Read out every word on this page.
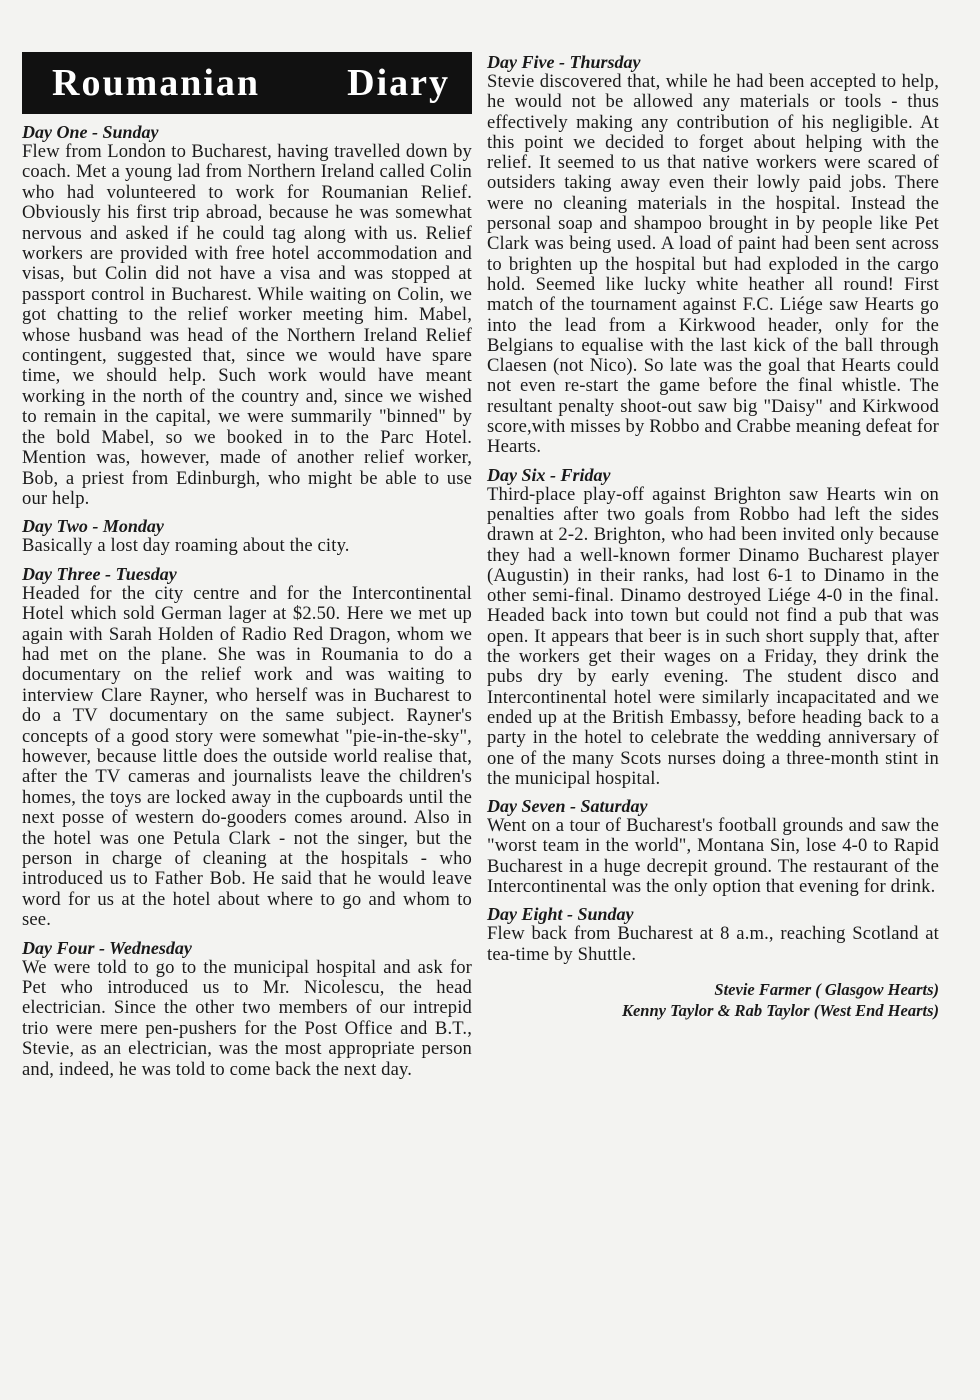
Roumanian Diary
Day One - Sunday

Flew from London to Bucharest, having travelled down by coach. Met a young lad from Northern Ireland called Colin who had volunteered to work for Roumanian Relief. Obviously his first trip abroad, because he was somewhat nervous and asked if he could tag along with us. Relief workers are provided with free hotel accommodation and visas, but Colin did not have a visa and was stopped at passport control in Bucharest. While waiting on Colin, we got chatting to the relief worker meeting him. Mabel, whose husband was head of the Northern Ireland Relief contingent, suggested that, since we would have spare time, we should help. Such work would have meant working in the north of the country and, since we wished to remain in the capital, we were summarily "binned" by the bold Mabel, so we booked in to the Parc Hotel. Mention was, however, made of another relief worker, Bob, a priest from Edinburgh, who might be able to use our help.

Day Two - Monday

Basically a lost day roaming about the city.

Day Three - Tuesday

Headed for the city centre and for the Intercontinental Hotel which sold German lager at $2.50. Here we met up again with Sarah Holden of Radio Red Dragon, whom we had met on the plane. She was in Roumania to do a documentary on the relief work and was waiting to interview Clare Rayner, who herself was in Bucharest to do a TV documentary on the same subject. Rayner's concepts of a good story were somewhat "pie-in-the-sky", however, because little does the outside world realise that, after the TV cameras and journalists leave the children's homes, the toys are locked away in the cupboards until the next posse of western do-gooders comes around. Also in the hotel was one Petula Clark - not the singer, but the person in charge of cleaning at the hospitals - who introduced us to Father Bob. He said that he would leave word for us at the hotel about where to go and whom to see.

Day Four - Wednesday

We were told to go to the municipal hospital and ask for Pet who introduced us to Mr. Nicolescu, the head electrician. Since the other two members of our intrepid trio were mere pen-pushers for the Post Office and B.T., Stevie, as an electrician, was the most appropriate person and, indeed, he was told to come back the next day.

Day Five - Thursday

Stevie discovered that, while he had been accepted to help, he would not be allowed any materials or tools - thus effectively making any contribution of his negligible. At this point we decided to forget about helping with the relief. It seemed to us that native workers were scared of outsiders taking away even their lowly paid jobs. There were no cleaning materials in the hospital. Instead the personal soap and shampoo brought in by people like Pet Clark was being used. A load of paint had been sent across to brighten up the hospital but had exploded in the cargo hold. Seemed like lucky white heather all round! First match of the tournament against F.C. Liége saw Hearts go into the lead from a Kirkwood header, only for the Belgians to equalise with the last kick of the ball through Claesen (not Nico). So late was the goal that Hearts could not even re-start the game before the final whistle. The resultant penalty shoot-out saw big "Daisy" and Kirkwood score,with misses by Robbo and Crabbe meaning defeat for Hearts.

Day Six - Friday

Third-place play-off against Brighton saw Hearts win on penalties after two goals from Robbo had left the sides drawn at 2-2. Brighton, who had been invited only because they had a well-known former Dinamo Bucharest player (Augustin) in their ranks, had lost 6-1 to Dinamo in the other semi-final. Dinamo destroyed Liége 4-0 in the final. Headed back into town but could not find a pub that was open. It appears that beer is in such short supply that, after the workers get their wages on a Friday, they drink the pubs dry by early evening. The student disco and Intercontinental hotel were similarly incapacitated and we ended up at the British Embassy, before heading back to a party in the hotel to celebrate the wedding anniversary of one of the many Scots nurses doing a three-month stint in the municipal hospital.

Day Seven - Saturday

Went on a tour of Bucharest's football grounds and saw the "worst team in the world", Montana Sin, lose 4-0 to Rapid Bucharest in a huge decrepit ground. The restaurant of the Intercontinental was the only option that evening for drink.

Day Eight - Sunday

Flew back from Bucharest at 8 a.m., reaching Scotland at tea-time by Shuttle.

Stevie Farmer ( Glasgow Hearts)
Kenny Taylor & Rab Taylor (West End Hearts)
